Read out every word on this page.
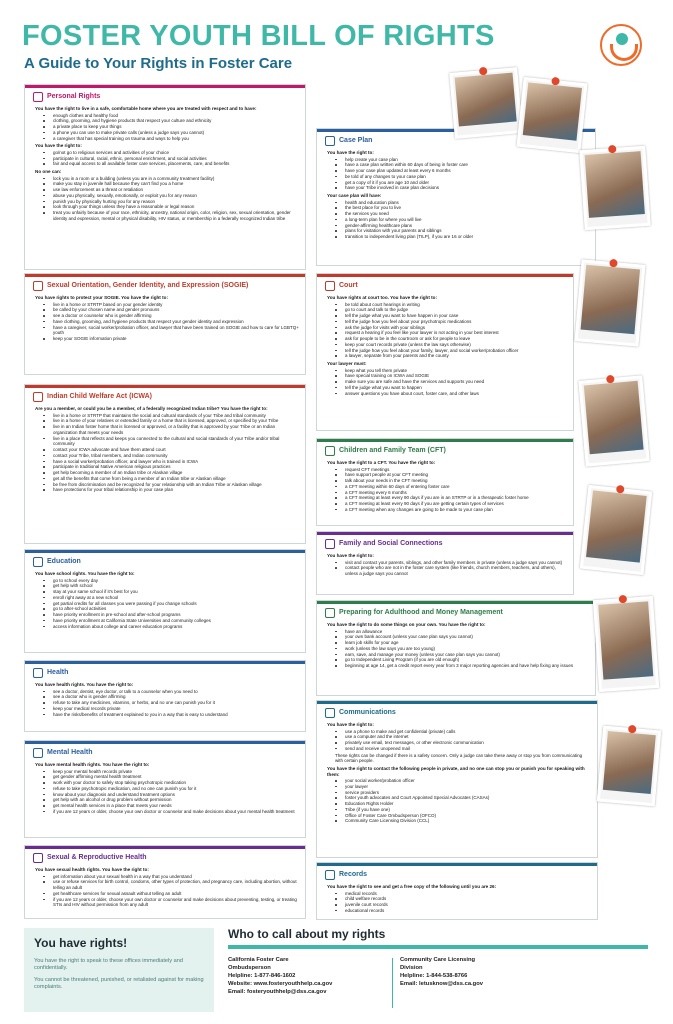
FOSTER YOUTH BILL OF RIGHTS
A Guide to Your Rights in Foster Care
Personal Rights
You have the right to live in a safe, comfortable home where you are treated with respect and to have:
enough clothes and healthy food
clothing, grooming, and hygiene products that respect your culture and ethnicity
a private place to keep your things
a phone you can use to make private calls (unless a judge says you cannot)
a caregiver that has special training on trauma and ways to help you
You have the right to:
go/not go to religious services and activities of your choice
participate in cultural, racial, ethnic, personal enrichment, and social activities
fair and equal access to all available foster care services, placements, care, and benefits
No one can:
lock you in a room or a building (unless you are in a community treatment facility)
make you stay in juvenile hall because they can't find you a home
use law enforcement as a threat or retaliation
abuse you physically, sexually, emotionally, or exploit you for any reason
punish you by physically hurting you for any reason
look through your things unless they have a reasonable or legal reason
treat you unfairly because of your race, ethnicity, ancestry, national origin, color, religion, sex, sexual orientation, gender identity and expression, mental or physical disability, HIV status, or membership in a federally recognized Indian tribe
Sexual Orientation, Gender Identity, and Expression (SOGIE)
You have rights to protect your SOGIE. You have the right to:
live in a home or STRTP based on your gender identity
be called by your chosen name and gender pronouns
see a doctor or counselor who is gender affirming
have clothing, grooming, and hygiene products that respect your gender identity and expression
have a caregiver, social worker/probation officer, and lawyer that have been trained on SOGIE and how to care for LGBTQ+ youth
keep your SOGIE information private
Indian Child Welfare Act (ICWA)
Are you a member, or could you be a member, of a federally recognized Indian tribe? You have the right to:
live in a home or STRTP that maintains the social and cultural standards of your Tribe and tribal community
live in a home of your relatives or extended family or a home that is licensed, approved, or specified by your Tribe
live in an Indian foster home that is licensed or approved, or a facility that is approved by your Tribe or an Indian organization that meets your needs
live in a place that reflects and keeps you connected to the cultural and social standards of your Tribe and/or tribal community
contact your ICWA advocate and have them attend court
contact your Tribe, tribal members, and Indian community
have a social worker/probation officer, and lawyer who is trained in ICWA
participate in traditional Native American religious practices
get help becoming a member of an Indian tribe or Alaskan village
get all the benefits that come from being a member of an Indian tribe or Alaskan village
be free from discrimination and be recognized for your relationship with an Indian Tribe or Alaskan village
have protections for your tribal relationship in your case plan
Education
You have school rights. You have the right to:
go to school every day
get help with school
stay at your same school if it's best for you
enroll right away at a new school
get partial credits for all classes you were passing if you change schools
go to after-school activities
have priority enrollment in pre-school and after-school programs
have priority enrollment at California State Universities and community colleges
access information about college and career education programs
Health
You have health rights. You have the right to:
see a doctor, dentist, eye doctor, or talk to a counselor when you need to
see a doctor who is gender affirming
refuse to take any medicines, vitamins, or herbs, and no one can punish you for it
keep your medical records private
have the risks/benefits of treatment explained to you in a way that is easy to understand
Mental Health
You have mental health rights. You have the right to:
keep your mental health records private
get gender affirming mental health treatment
work with your doctor to safely stop taking psychotropic medication
refuse to take psychotropic medication, and no one can punish you for it
know about your diagnosis and understand treatment options
get help with an alcohol or drug problem without permission
get mental health services in a place that meets your needs
if you are 12 years or older, choose your own doctor or counselor and make decisions about your mental health treatment
Sexual & Reproductive Health
You have sexual health rights. You have the right to:
get information about your sexual health in a way that you understand
use or refuse services for birth control, condoms, other types of protection, and pregnancy care, including abortion, without telling an adult
get healthcare services for sexual assault without telling an adult
if you are 12 years or older, choose your own doctor or counselor and make decisions about preventing, testing, or treating STIs and HIV without permission from any adult
Case Plan
You have the right to:
help create your case plan
have a case plan written within 60 days of being in foster care
have your case plan updated at least every 6 months
be told of any changes to your case plan
get a copy of it if you are age 10 and older
have your Tribe involved in case plan decisions
Your case plan will have:
health and education plans
the best place for you to live
the services you need
a long-term plan for where you will live
gender-affirming healthcare plans
plans for visitation with your parents and siblings
transition to independent living plan (TILP), if you are 16 or older
Court
You have rights at court too. You have the right to:
be told about court hearings in writing
go to court and talk to the judge
tell the judge what you want to have happen in your case
tell the judge how you feel about your psychotropic medications
ask the judge for visits with your siblings
request a hearing if you feel like your lawyer is not acting in your best interest
ask for people to be in the courtroom or ask for people to leave
keep your court records private (unless the law says otherwise)
tell the judge how you feel about your family, lawyer, and social worker/probation officer
a lawyer, separate from your parents and the county
Your lawyer must:
keep what you tell them private
have special training on ICWA and SOGIE
make sure you are safe and have the services and supports you need
tell the judge what you want to happen
answer questions you have about court, foster care, and other laws
Children and Family Team (CFT)
You have the right to a CFT. You have the right to:
request CFT meetings
have support people at your CFT meeting
talk about your needs in the CFT meeting
a CFT meeting within 60 days of entering foster care
a CFT meeting every 6 months
a CFT meeting at least every 90 days if you are in an STRTP or in a therapeutic foster home
a CFT meeting at least every 90 days if you are getting certain types of services
a CFT meeting when any changes are going to be made to your case plan
Family and Social Connections
You have the right to:
visit and contact your parents, siblings, and other family members in private (unless a judge says you cannot)
contact people who are not in the foster care system (like friends, church members, teachers, and others), unless a judge says you cannot
Preparing for Adulthood and Money Management
You have the right to do some things on your own. You have the right to:
have an allowance
your own bank account (unless your case plan says you cannot)
learn job skills for your age
work (unless the law says you are too young)
earn, save, and manage your money (unless your case plan says you cannot)
go to Independent Living Program (if you are old enough)
beginning at age 14, get a credit report every year from 3 major reporting agencies and have help fixing any issues
Communications
You have the right to:
use a phone to make and get confidential (private) calls
use a computer and the internet
privately use email, text messages, or other electronic communication
send and receive unopened mail
These rights can be changed if there is a safety concern. Only a judge can take these away or stop you from communicating with certain people.
You have the right to contact the following people in private, and no one can stop you or punish you for speaking with them:
your social worker/probation officer
your lawyer
service providers
foster youth advocates and Court Appointed Special Advocates (CASAs)
Education Rights Holder
Tribe (if you have one)
Office of Foster Care Ombudsperson (OFCO)
Community Care Licensing Division (CCL)
Records
You have the right to see and get a free copy of the following until you are 26:
medical records
child welfare records
juvenile court records
educational records
You have rights!

You have the right to speak to these offices immediately and confidentially.

You cannot be threatened, punished, or retaliated against for making complaints.

Who to call about my rights
California Foster Care
Ombudsperson
Helpline: 1-877-846-1602
Website: www.fosteryouthhelp.ca.gov
Email: fosteryouthhelp@dss.ca.gov
Community Care Licensing
Division
Helpline: 1-844-538-8766
Email: letusknow@dss.ca.gov
